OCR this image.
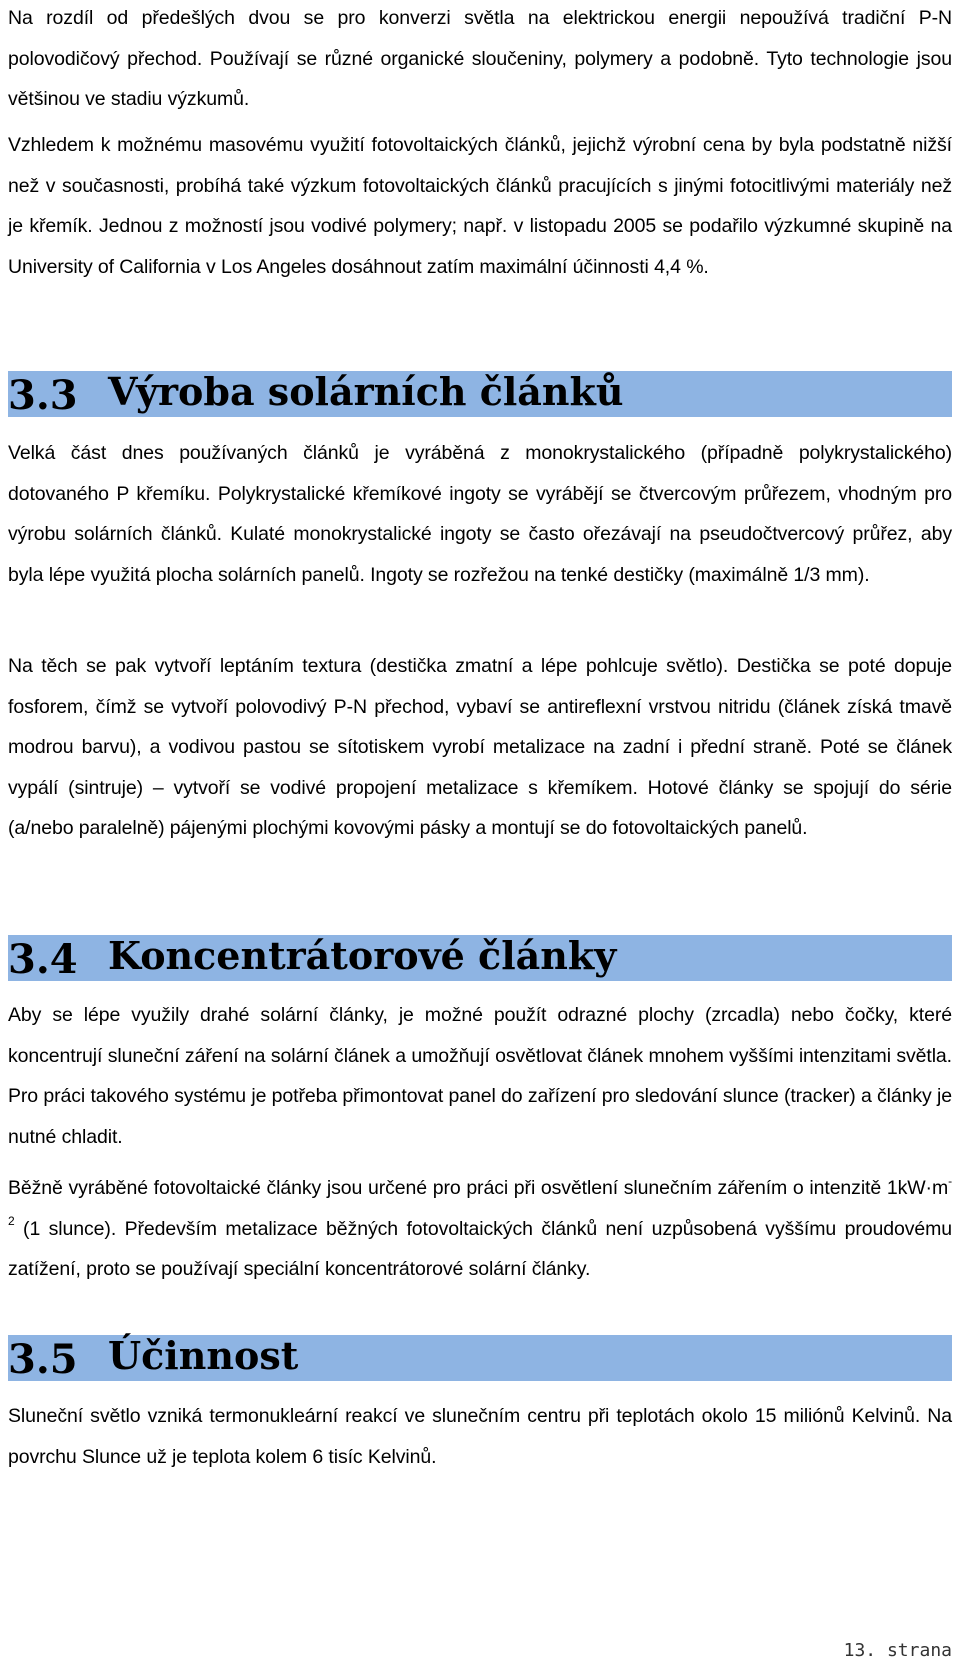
Na rozdíl od předešlých dvou se pro konverzi světla na elektrickou energii nepoužívá tradiční P-N polovodičový přechod. Používají se různé organické sloučeniny, polymery a podobně. Tyto technologie jsou většinou ve stadiu výzkumů.

Vzhledem k možnému masovému využití fotovoltaických článků, jejichž výrobní cena by byla podstatně nižší než v současnosti, probíhá také výzkum fotovoltaických článků pracujících s jinými fotocitlivými materiály než je křemík. Jednou z možností jsou vodivé polymery; např. v listopadu 2005 se podařilo výzkumné skupině na University of California v Los Angeles dosáhnout zatím maximální účinnosti 4,4 %.

3.3 Výroba solárních článků

Velká část dnes používaných článků je vyráběná z monokrystalického (případně polykrystalického) dotovaného P křemíku. Polykrystalické křemíkové ingoty se vyrábějí se čtvercovým průřezem, vhodným pro výrobu solárních článků. Kulaté monokrystalické ingoty se často ořezávají na pseudočtvercový průřez, aby byla lépe využitá plocha solárních panelů. Ingoty se rozřežou na tenké destičky (maximálně 1/3 mm).

Na těch se pak vytvoří leptáním textura (destička zmatní a lépe pohlcuje světlo). Destička se poté dopuje fosforem, čímž se vytvoří polovodivý P-N přechod, vybaví se antireflexní vrstvou nitridu (článek získá tmavě modrou barvu), a vodivou pastou se sítotiskem vyrobí metalizace na zadní i přední straně. Poté se článek vypálí (sintruje) – vytvoří se vodivé propojení metalizace s křemíkem. Hotové články se spojují do série (a/nebo paralelně) pájenými plochými kovovými pásky a montují se do fotovoltaických panelů.

3.4 Koncentrátorové články

Aby se lépe využily drahé solární články, je možné použít odrazné plochy (zrcadla) nebo čočky, které koncentrují sluneční záření na solární článek a umožňují osvětlovat článek mnohem vyššími intenzitami světla. Pro práci takového systému je potřeba přimontovat panel do zařízení pro sledování slunce (tracker) a články je nutné chladit.

Běžně vyráběné fotovoltaické články jsou určené pro práci při osvětlení slunečním zářením o intenzitě $1kW\cdot m^{-2}$ (1 slunce). Především metalizace běžných fotovoltaických článků není uzpůsobená vyššímu proudovému zatížení, proto se používají speciální koncentrátorové solární články.

3.5 Účinnost

Sluneční světlo vzniká termonukleární reakcí ve slunečním centru při teplotách okolo 15 miliónů Kelvinů. Na povrchu Slunce už je teplota kolem 6 tisíc Kelvinů.

13. strana
